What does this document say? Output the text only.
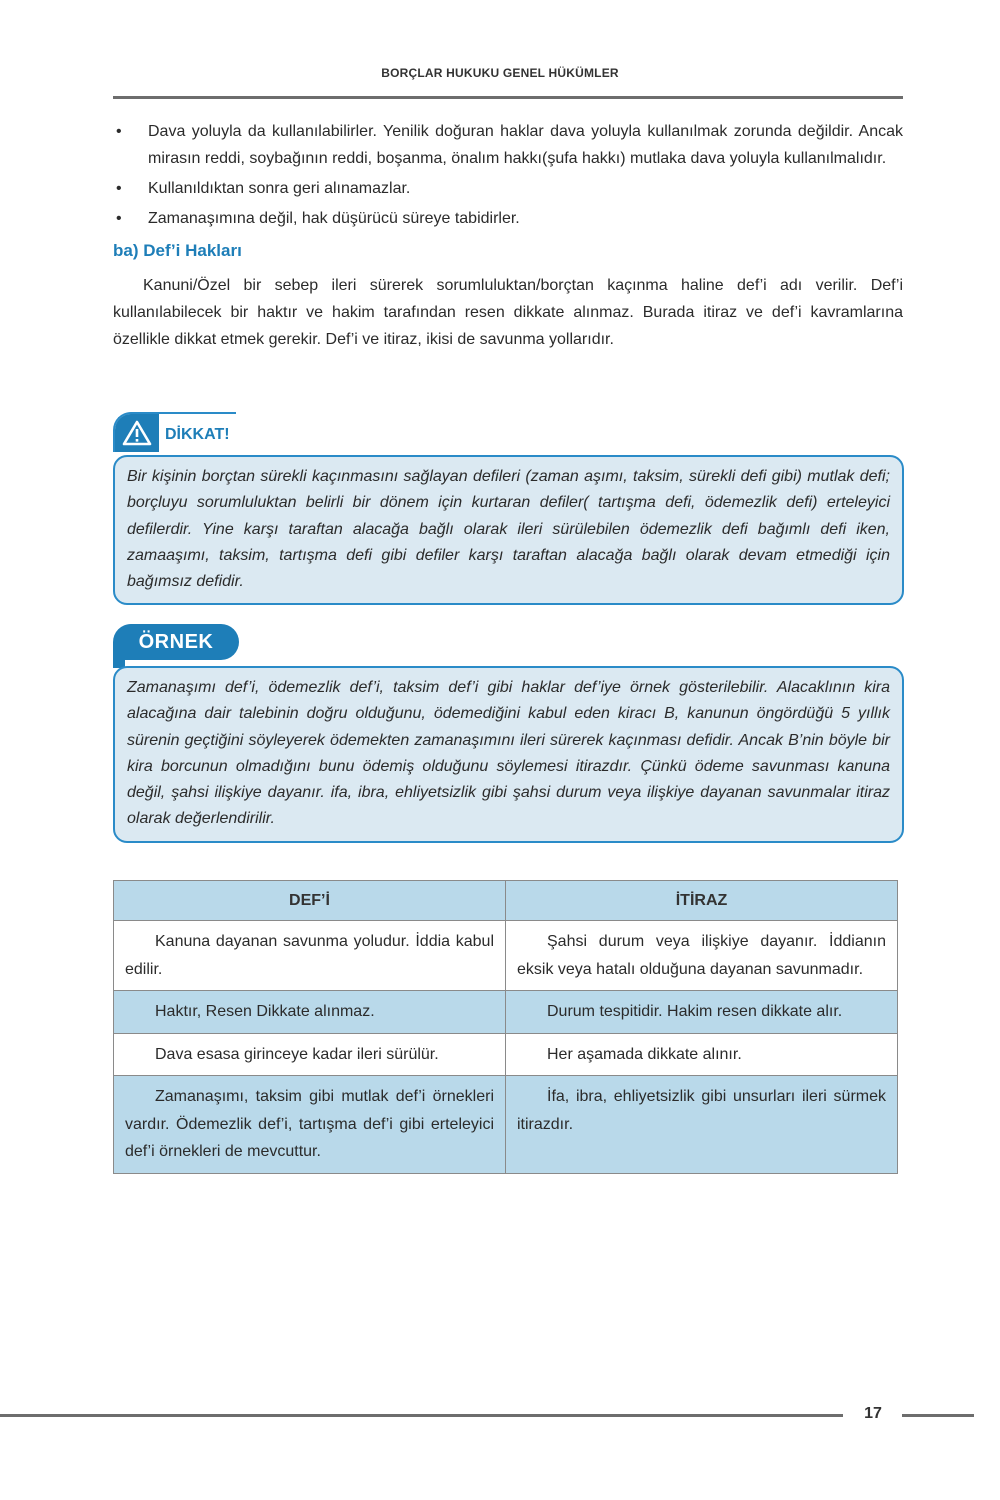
BORÇLAR HUKUKU GENEL HÜKÜMLER
• Dava yoluyla da kullanılabilirler. Yenilik doğuran haklar dava yoluyla kullanılmak zorunda değildir. Ancak mirasın reddi, soybağının reddi, boşanma, önalım hakkı(şufa hakkı) mutlaka dava yoluyla kullanılmalıdır.
• Kullanıldıktan sonra geri alınamazlar.
• Zamanaşımına değil, hak düşürücü süreye tabidirler.
ba) Def’i Hakları
Kanuni/Özel bir sebep ileri sürerek sorumluluktan/borçtan kaçınma haline def’i adı verilir. Def’i kullanılabilecek bir haktır ve hakim tarafından resen dikkate alınmaz. Burada itiraz ve def’i kavramlarına özellikle dikkat etmek gerekir. Def’i ve itiraz, ikisi de savunma yollarıdır.
DİKKAT!
Bir kişinin borçtan sürekli kaçınmasını sağlayan defileri (zaman aşımı, taksim, sürekli defi gibi) mutlak defi; borçluyu sorumluluktan belirli bir dönem için kurtaran defiler( tartışma defi, ödemezlik defi) erteleyici defilerdir. Yine karşı taraftan alacağa bağlı olarak ileri sürülebilen ödemezlik defi bağımlı defi iken, zamaaşımı, taksim, tartışma defi gibi defiler karşı taraftan alacağa bağlı olarak devam etmediği için bağımsız defidir.
ÖRNEK
Zamanaşımı def’i, ödemezlik def’i, taksim def’i gibi haklar def’iye örnek gösterilebilir. Alacaklının kira alacağına dair talebinin doğru olduğunu, ödemediğini kabul eden kiracı B, kanunun öngördüğü 5 yıllık sürenin geçtiğini söyleyerek ödemekten zamanaşımını ileri sürerek kaçınması defidir. Ancak B’nin böyle bir kira borcunun olmadığını bunu ödemiş olduğunu söylemesi itirazdır. Çünkü ödeme savunması kanuna değil, şahsi ilişkiye dayanır. ifa, ibra, ehliyetsizlik gibi şahsi durum veya ilişkiye dayanan savunmalar itiraz olarak değerlendirilir.
DEF’İ	İTİRAZ
Kanuna dayanan savunma yoludur. İddia kabul edilir.	Şahsi durum veya ilişkiye dayanır. İddianın eksik veya hatalı olduğuna dayanan savunmadır.
Haktır, Resen Dikkate alınmaz.	Durum tespitidir. Hakim resen dikkate alır.
Dava esasa girinceye kadar ileri sürülür.	Her aşamada dikkate alınır.
Zamanaşımı, taksim gibi mutlak def’i örnekleri vardır. Ödemezlik def’i, tartışma def’i gibi erteleyici def’i örnekleri de mevcuttur.	İfa, ibra, ehliyetsizlik gibi unsurları ileri sürmek itirazdır.
17
